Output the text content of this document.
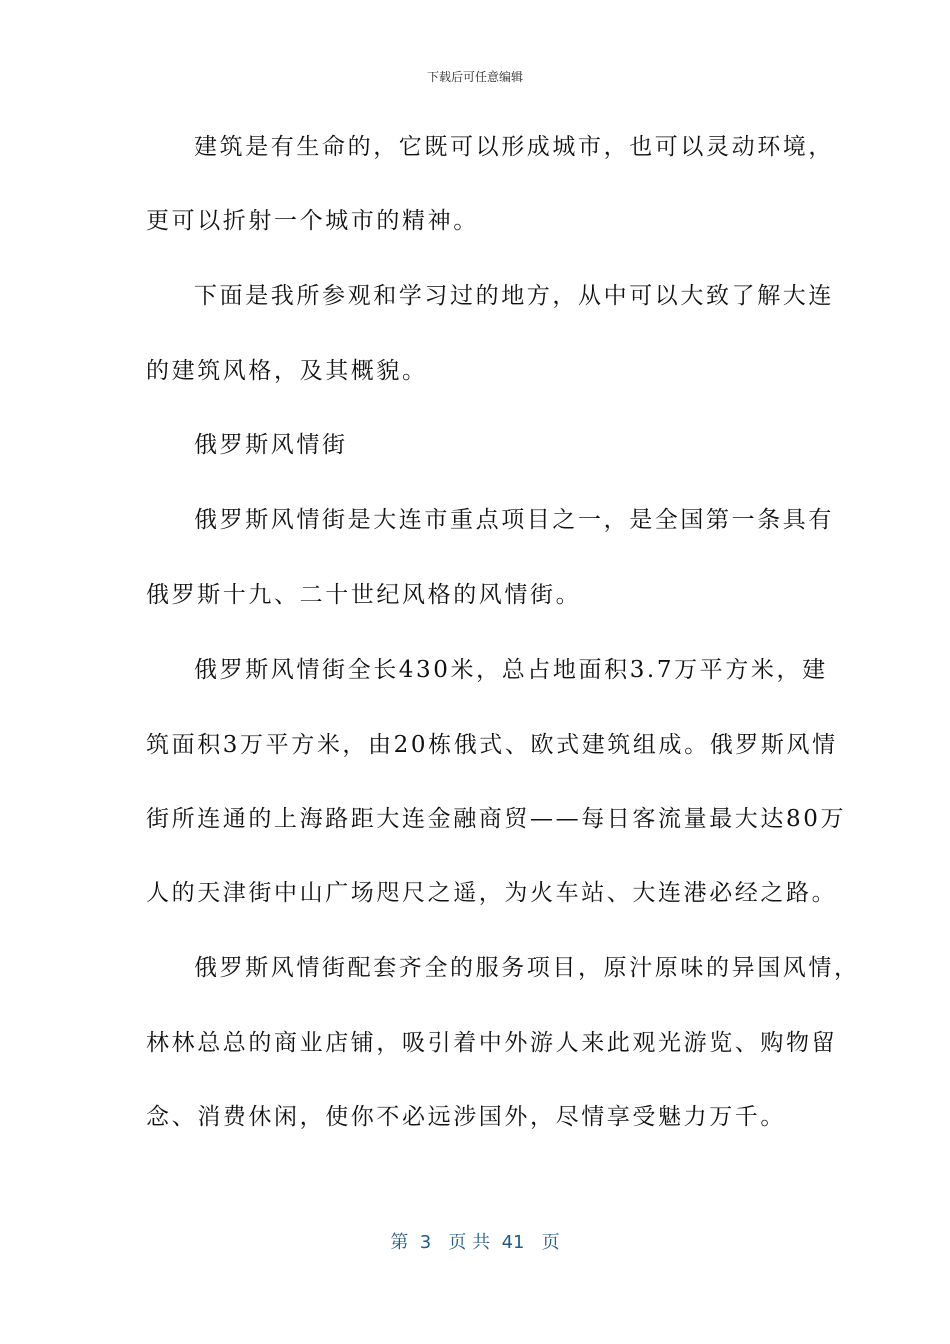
下载后可任意编辑
建筑是有生命的，它既可以形成城市，也可以灵动环境，
更可以折射一个城市的精神。
下面是我所参观和学习过的地方，从中可以大致了解大连
的建筑风格，及其概貌。
俄罗斯风情街
俄罗斯风情街是大连市重点项目之一，是全国第一条具有
俄罗斯十九、二十世纪风格的风情街。
俄罗斯风情街全长430米，总占地面积3.7万平方米，建
筑面积3万平方米，由20栋俄式、欧式建筑组成。俄罗斯风情
街所连通的上海路距大连金融商贸——每日客流量最大达80万
人的天津街中山广场咫尺之遥，为火车站、大连港必经之路。
俄罗斯风情街配套齐全的服务项目，原汁原味的异国风情，
林林总总的商业店铺，吸引着中外游人来此观光游览、购物留
念、消费休闲，使你不必远涉国外，尽情享受魅力万千。
第  3   页 共  41   页
